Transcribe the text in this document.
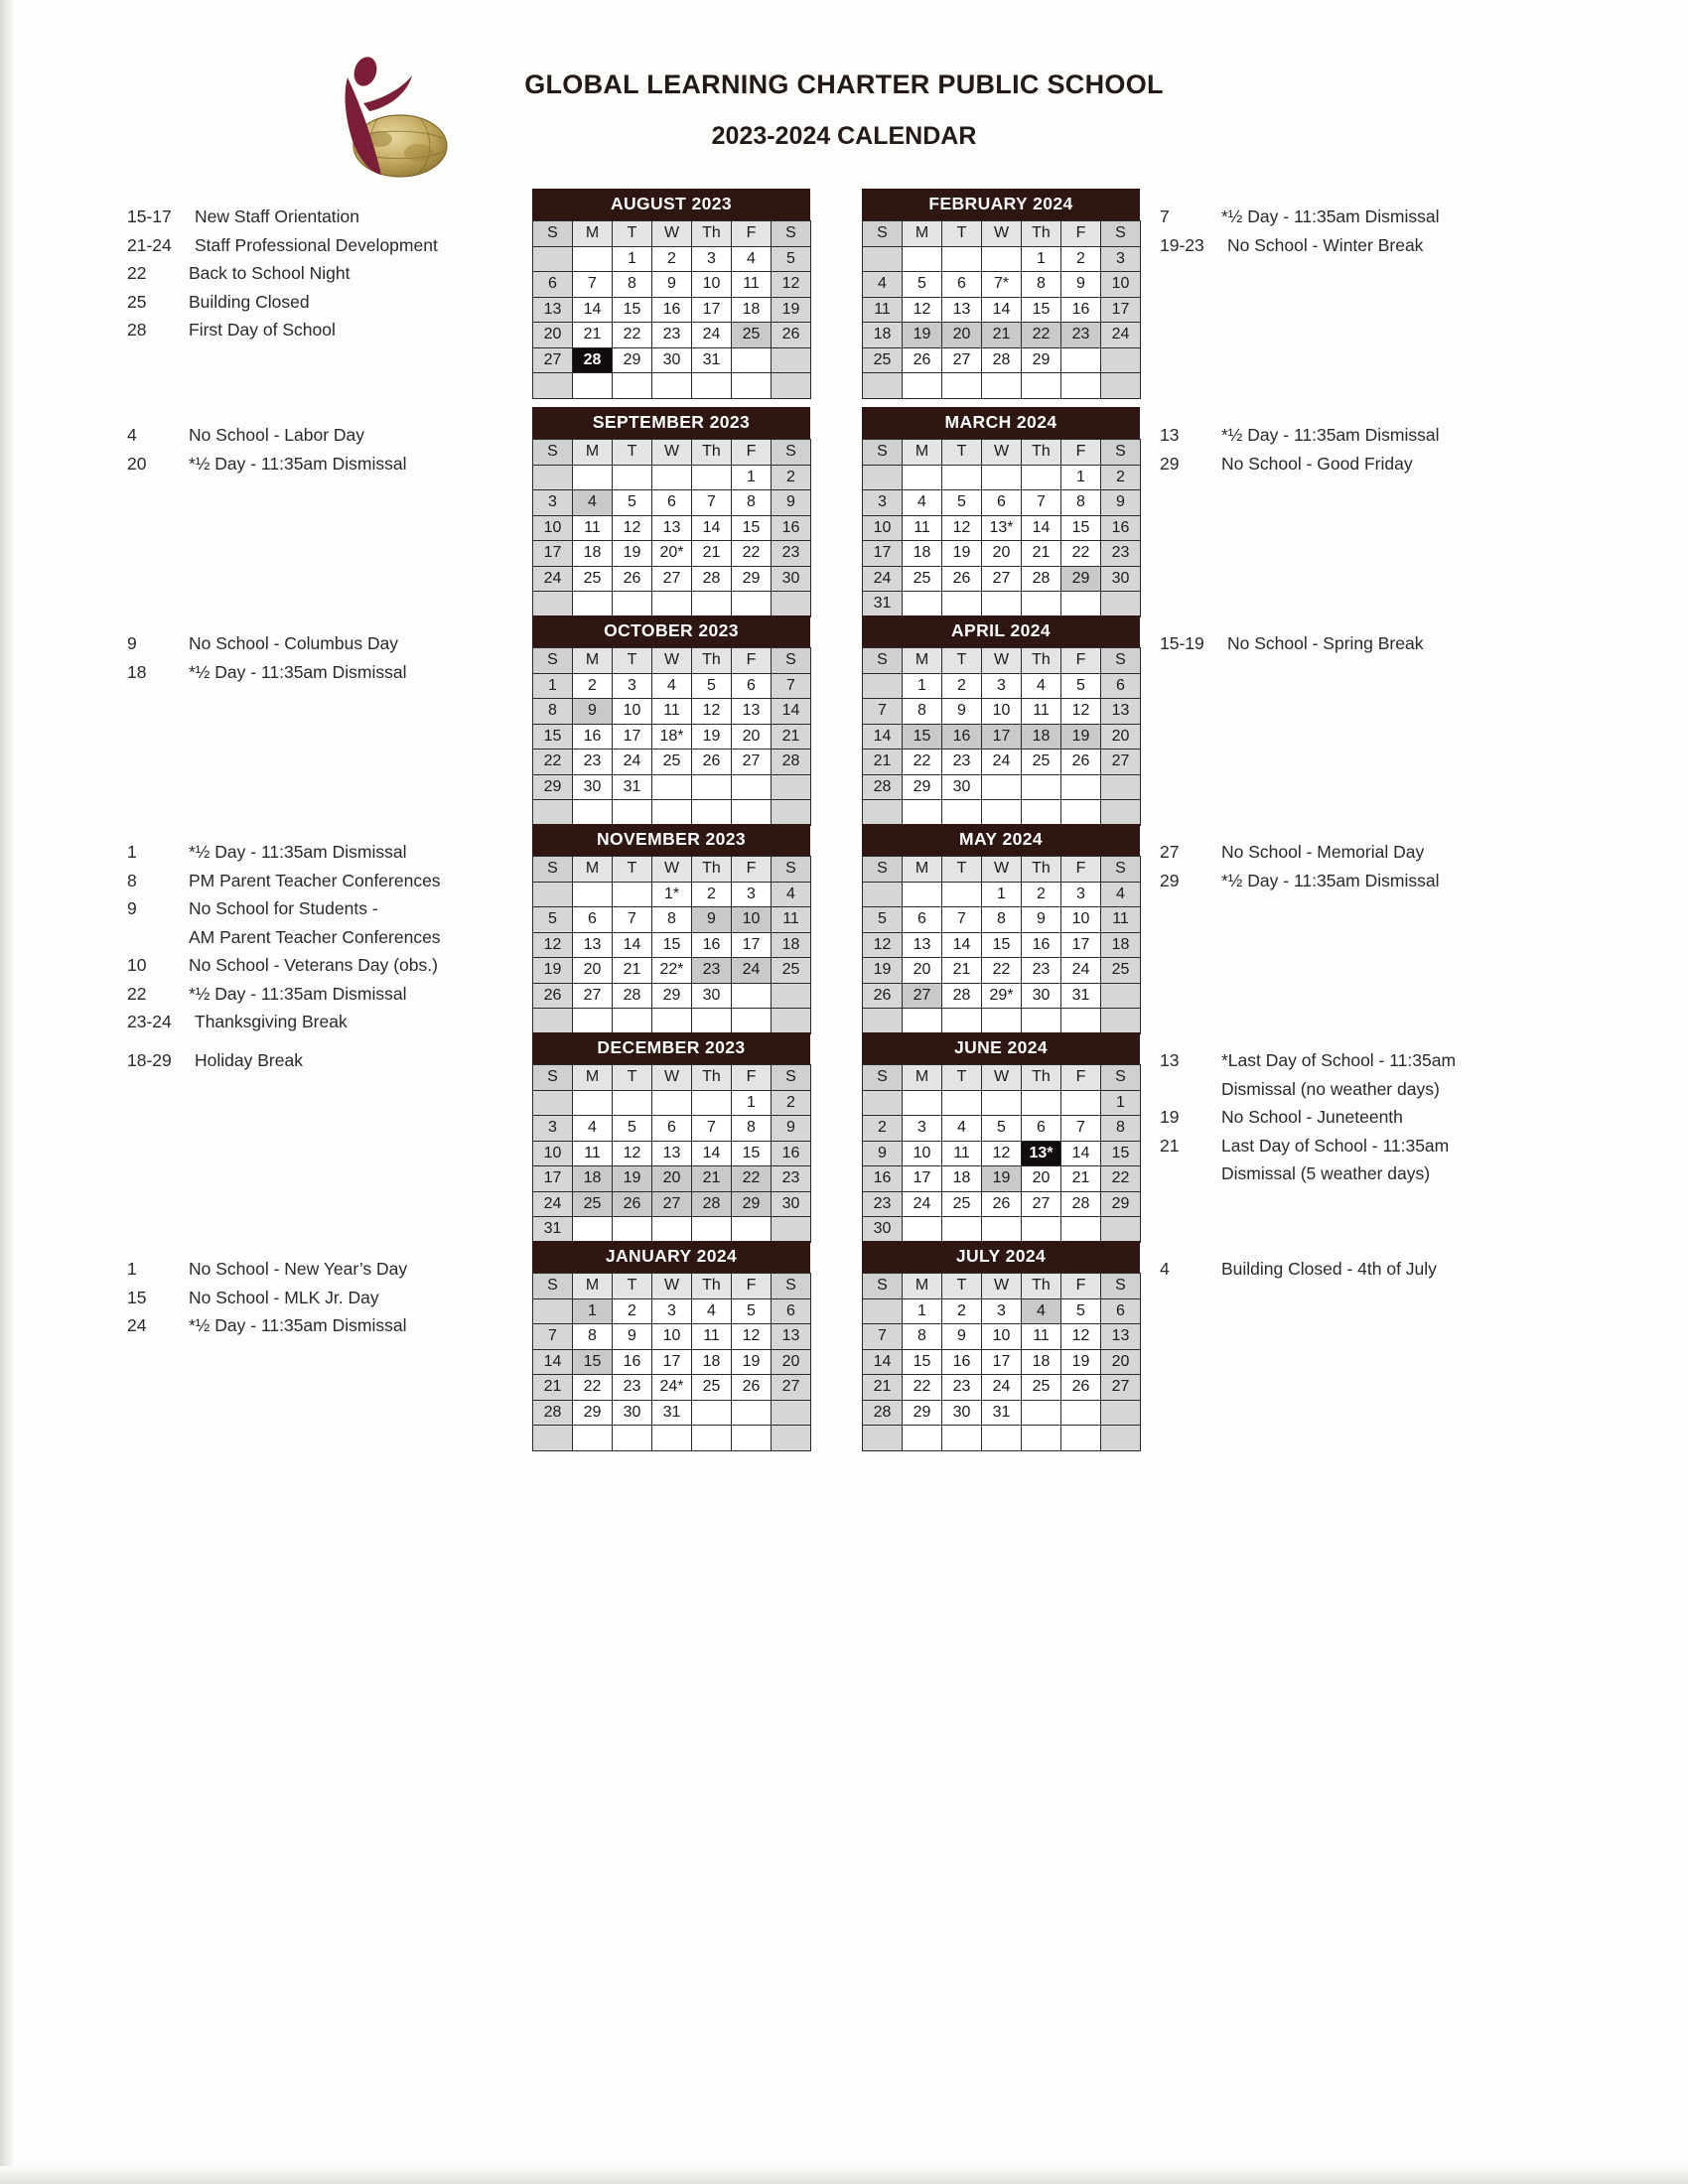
GLOBAL LEARNING CHARTER PUBLIC SCHOOL
2023-2024 CALENDAR
15-17	New Staff Orientation
21-24	Staff Professional Development
22	Back to School Night
25	Building Closed
28	First Day of School
AUGUST 2023
S	M	T	W	Th	F	S
		1	2	3	4	5
6	7	8	9	10	11	12
13	14	15	16	17	18	19
20	21	22	23	24	25	26
27	28	29	30	31		

FEBRUARY 2024
S	M	T	W	Th	F	S
				1	2	3
4	5	6	7*	8	9	10
11	12	13	14	15	16	17
18	19	20	21	22	23	24
25	26	27	28	29		

7	*½ Day - 11:35am Dismissal
19-23	No School - Winter Break
4	No School - Labor Day
20	*½ Day - 11:35am Dismissal
SEPTEMBER 2023
S	M	T	W	Th	F	S
					1	2
3	4	5	6	7	8	9
10	11	12	13	14	15	16
17	18	19	20*	21	22	23
24	25	26	27	28	29	30

MARCH 2024
S	M	T	W	Th	F	S
					1	2
3	4	5	6	7	8	9
10	11	12	13*	14	15	16
17	18	19	20	21	22	23
24	25	26	27	28	29	30
31						
13	*½ Day - 11:35am Dismissal
29	No School - Good Friday
9	No School - Columbus Day
18	*½ Day - 11:35am Dismissal
OCTOBER 2023
S	M	T	W	Th	F	S
1	2	3	4	5	6	7
8	9	10	11	12	13	14
15	16	17	18*	19	20	21
22	23	24	25	26	27	28
29	30	31				

APRIL 2024
S	M	T	W	Th	F	S
	1	2	3	4	5	6
7	8	9	10	11	12	13
14	15	16	17	18	19	20
21	22	23	24	25	26	27
28	29	30				

15-19	No School - Spring Break
1	*½ Day - 11:35am Dismissal
8	PM Parent Teacher Conferences
9	No School for Students -
AM Parent Teacher Conferences
10	No School - Veterans Day (obs.)
22	*½ Day - 11:35am Dismissal
23-24	Thanksgiving Break
NOVEMBER 2023
S	M	T	W	Th	F	S
			1*	2	3	4
5	6	7	8	9	10	11
12	13	14	15	16	17	18
19	20	21	22*	23	24	25
26	27	28	29	30		

MAY 2024
S	M	T	W	Th	F	S
			1	2	3	4
5	6	7	8	9	10	11
12	13	14	15	16	17	18
19	20	21	22	23	24	25
26	27	28	29*	30	31	

27	No School - Memorial Day
29	*½ Day - 11:35am Dismissal
18-29	Holiday Break
DECEMBER 2023
S	M	T	W	Th	F	S
					1	2
3	4	5	6	7	8	9
10	11	12	13	14	15	16
17	18	19	20	21	22	23
24	25	26	27	28	29	30
31						
JUNE 2024
S	M	T	W	Th	F	S
						1
2	3	4	5	6	7	8
9	10	11	12	13*	14	15
16	17	18	19	20	21	22
23	24	25	26	27	28	29
30						
13	*Last Day of School - 11:35am
Dismissal (no weather days)
19	No School - Juneteenth
21	Last Day of School - 11:35am
Dismissal (5 weather days)
1	No School - New Year’s Day
15	No School - MLK Jr. Day
24	*½ Day - 11:35am Dismissal
JANUARY 2024
S	M	T	W	Th	F	S
	1	2	3	4	5	6
7	8	9	10	11	12	13
14	15	16	17	18	19	20
21	22	23	24*	25	26	27
28	29	30	31			

JULY 2024
S	M	T	W	Th	F	S
	1	2	3	4	5	6
7	8	9	10	11	12	13
14	15	16	17	18	19	20
21	22	23	24	25	26	27
28	29	30	31			

4	Building Closed - 4th of July
